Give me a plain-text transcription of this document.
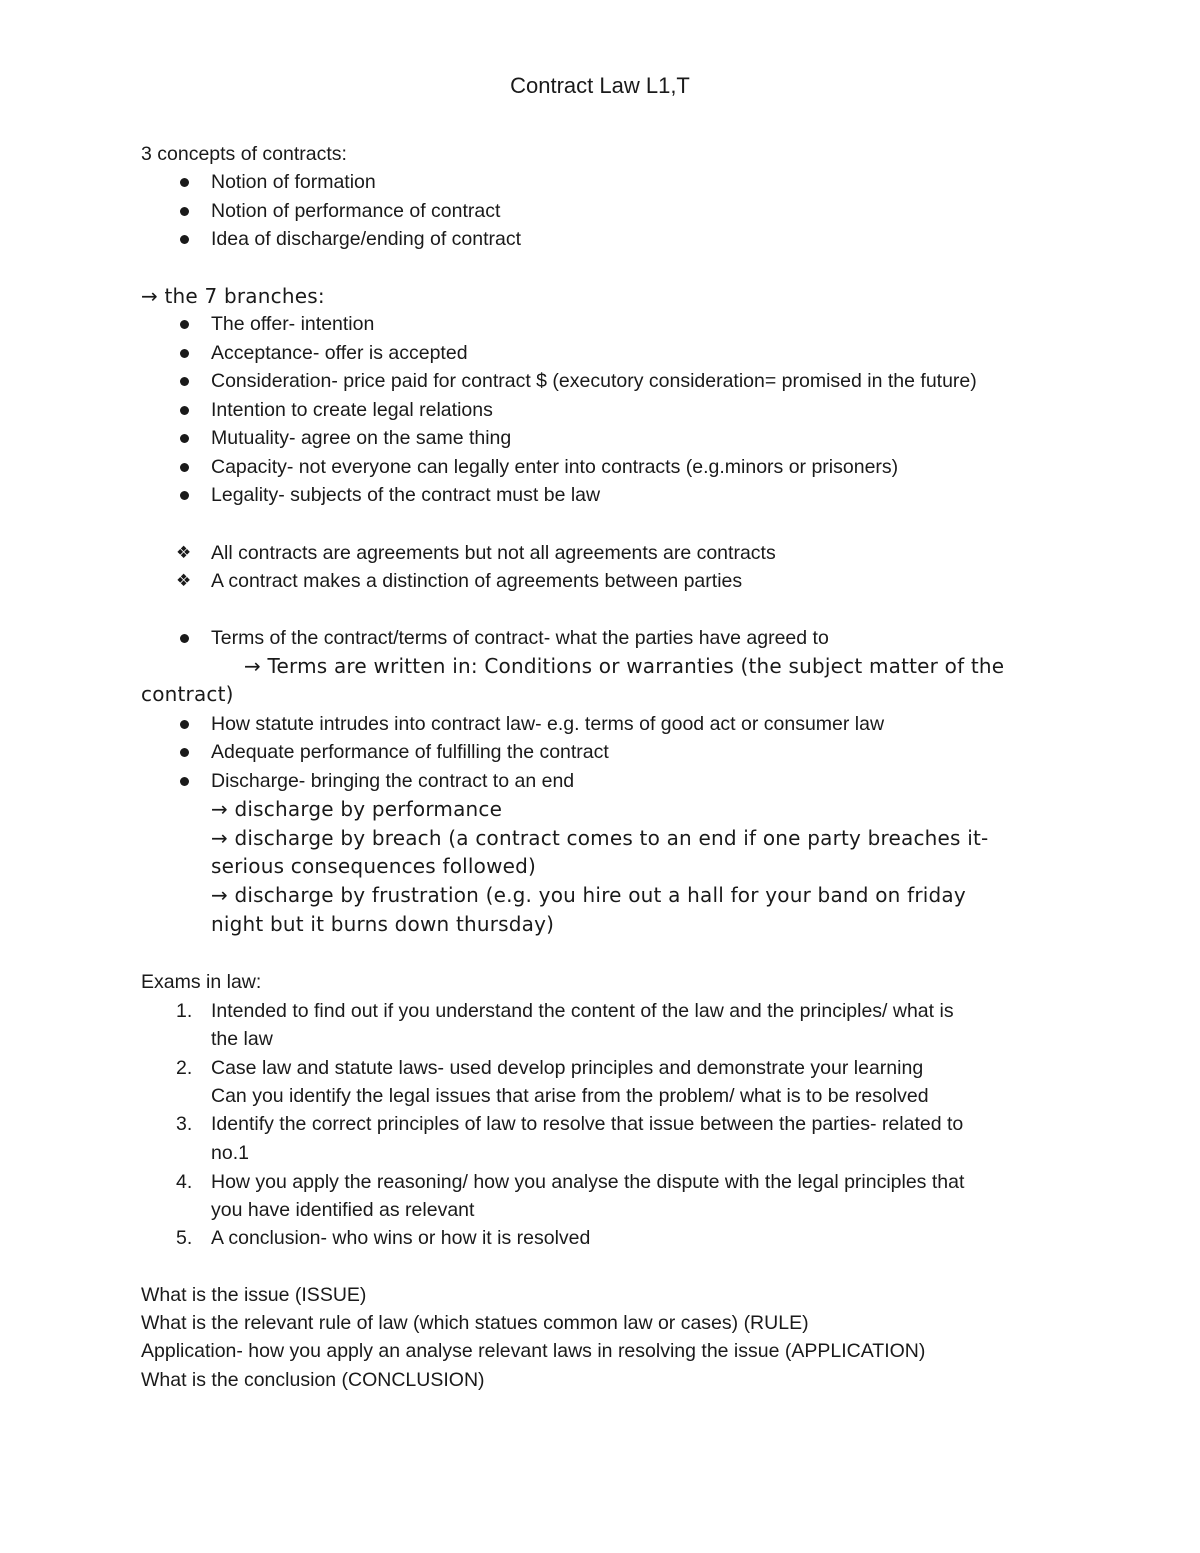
Contract Law L1,T
3 concepts of contracts:
Notion of formation
Notion of performance of contract
Idea of discharge/ending of contract
→ the 7 branches:
The offer- intention
Acceptance- offer is accepted
Consideration- price paid for contract $ (executory consideration= promised in the future)
Intention to create legal relations
Mutuality- agree on the same thing
Capacity- not everyone can legally enter into contracts (e.g.minors or prisoners)
Legality- subjects of the contract must be law
❖ All contracts are agreements but not all agreements are contracts
❖ A contract makes a distinction of agreements between parties
Terms of the contract/terms of contract- what the parties have agreed to
→ Terms are written in: Conditions or warranties (the subject matter of the
contract)
How statute intrudes into contract law- e.g. terms of good act or consumer law
Adequate performance of fulfilling the contract
Discharge- bringing the contract to an end
→ discharge by performance
→ discharge by breach (a contract comes to an end if one party breaches it-
serious consequences followed)
→ discharge by frustration (e.g. you hire out a hall for your band on friday
night but it burns down thursday)
Exams in law:
1. Intended to find out if you understand the content of the law and the principles/ what is
the law
2. Case law and statute laws- used develop principles and demonstrate your learning
Can you identify the legal issues that arise from the problem/ what is to be resolved
3. Identify the correct principles of law to resolve that issue between the parties- related to
no.1
4. How you apply the reasoning/ how you analyse the dispute with the legal principles that
you have identified as relevant
5. A conclusion- who wins or how it is resolved
What is the issue (ISSUE)
What is the relevant rule of law (which statues common law or cases) (RULE)
Application- how you apply an analyse relevant laws in resolving the issue (APPLICATION)
What is the conclusion (CONCLUSION)
